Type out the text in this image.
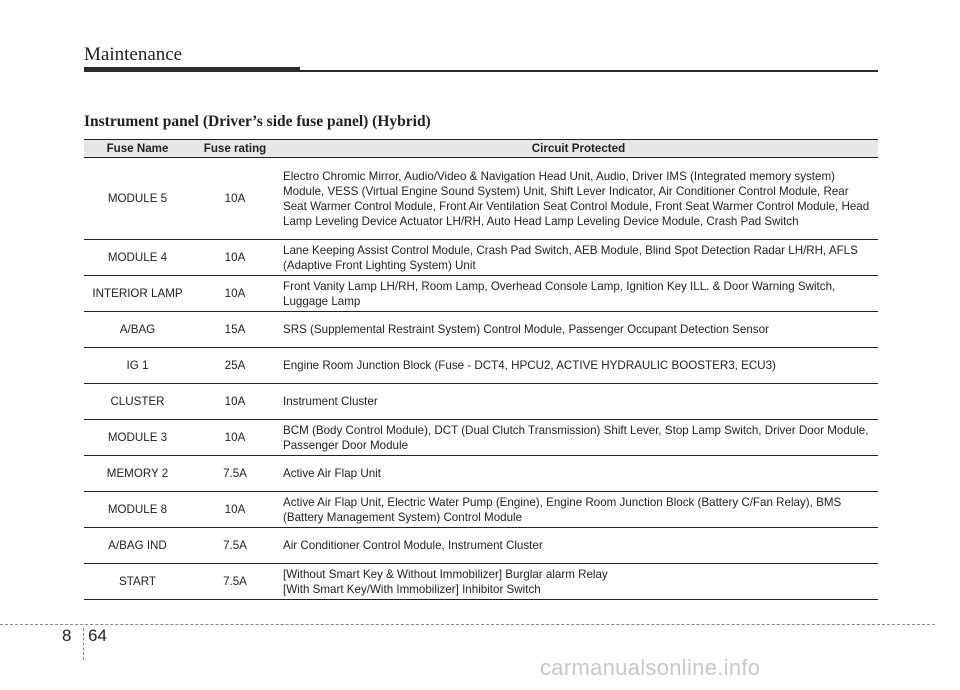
Maintenance
Instrument panel (Driver’s side fuse panel) (Hybrid)
Fuse Name	Fuse rating	Circuit Protected
MODULE 5	10A	Electro Chromic Mirror, Audio/Video & Navigation Head Unit, Audio, Driver IMS (Integrated memory system) Module, VESS (Virtual Engine Sound System) Unit, Shift Lever Indicator, Air Conditioner Control Module, Rear Seat Warmer Control Module, Front Air Ventilation Seat Control Module, Front Seat Warmer Control Module, Head Lamp Leveling Device Actuator LH/RH, Auto Head Lamp Leveling Device Module, Crash Pad Switch
MODULE 4	10A	Lane Keeping Assist Control Module, Crash Pad Switch, AEB Module, Blind Spot Detection Radar LH/RH, AFLS (Adaptive Front Lighting System) Unit
INTERIOR LAMP	10A	Front Vanity Lamp LH/RH, Room Lamp, Overhead Console Lamp, Ignition Key ILL. & Door Warning Switch, Luggage Lamp
A/BAG	15A	SRS (Supplemental Restraint System) Control Module, Passenger Occupant Detection Sensor
IG 1	25A	Engine Room Junction Block (Fuse - DCT4, HPCU2, ACTIVE HYDRAULIC BOOSTER3, ECU3)
CLUSTER	10A	Instrument Cluster
MODULE 3	10A	BCM (Body Control Module), DCT (Dual Clutch Transmission) Shift Lever, Stop Lamp Switch, Driver Door Module, Passenger Door Module
MEMORY 2	7.5A	Active Air Flap Unit
MODULE 8	10A	Active Air Flap Unit, Electric Water Pump (Engine), Engine Room Junction Block (Battery C/Fan Relay), BMS (Battery Management System) Control Module
A/BAG IND	7.5A	Air Conditioner Control Module, Instrument Cluster
START	7.5A	[Without Smart Key & Without Immobilizer] Burglar alarm Relay
[With Smart Key/With Immobilizer] Inhibitor Switch
8 64
carmanualsonline.info
